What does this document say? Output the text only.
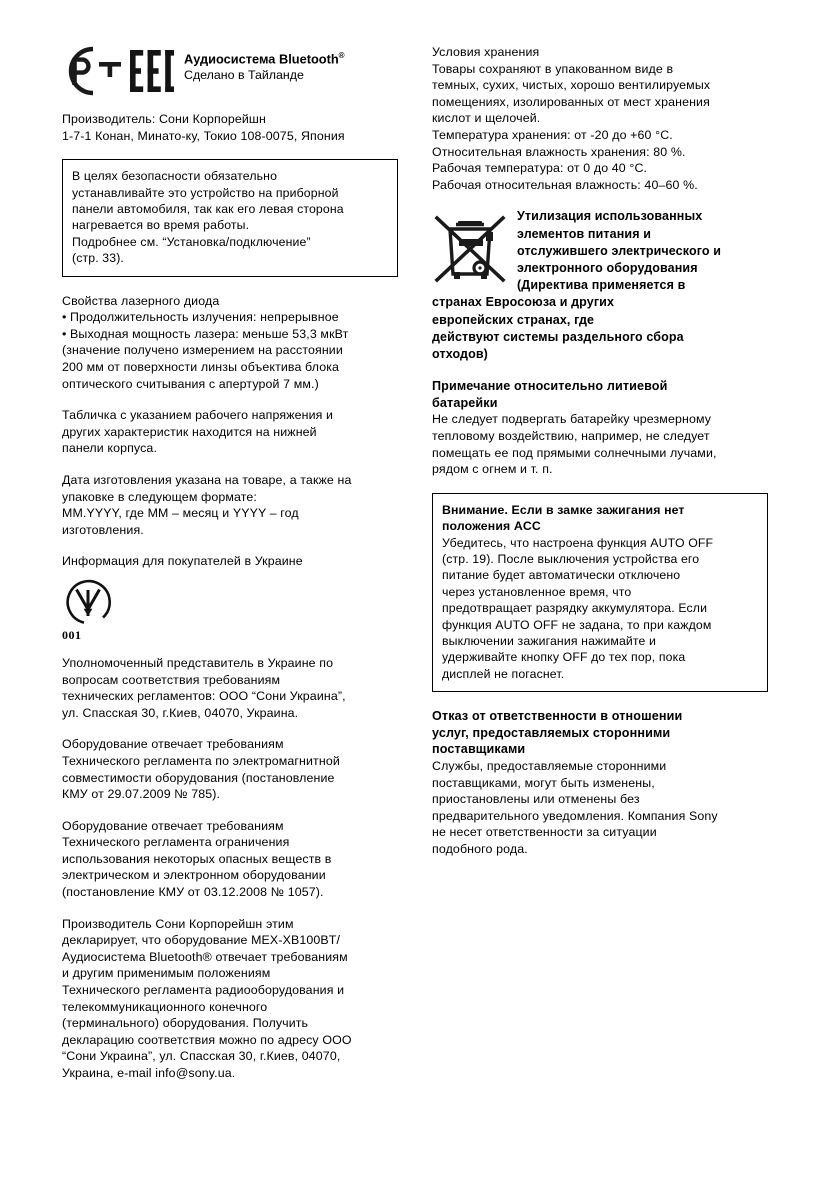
Аудиосистема Bluetooth®
Сделано в Тайланде

Производитель: Сони Корпорейшн

1-7-1 Конан, Минато-ку, Токио 108-0075, Япония

В целях безопасности обязательно

устанавливайте это устройство на приборной

панели автомобиля, так как его левая сторона

нагревается во время работы.

Подробнее см. “Установка/подключение”

(стр. 33).

Свойства лазерного диода

• Продолжительность излучения: непрерывное

• Выходная мощность лазера: меньше 53,3 мкВт

(значение получено измерением на расстоянии

200 мм от поверхности линзы объектива блока

оптического считывания с апертурой 7 мм.)

Табличка с указанием рабочего напряжения и

других характеристик находится на нижней

панели корпуса.

Дата изготовления указана на товаре, а также на

упаковке в следующем формате:

MM.YYYY, где MM – месяц и YYYY – год

изготовления.

Информация для покупателей в Украине

001

Уполномоченный представитель в Украине по

вопросам соответствия требованиям

технических регламентов: ООО “Сони Украина”,

ул. Спасская 30, г.Киев, 04070, Украина.

Оборудование отвечает требованиям

Технического регламента по электромагнитной

совместимости оборудования (постановление

КМУ от 29.07.2009 № 785).

Оборудование отвечает требованиям

Технического регламента ограничения

использования некоторых опасных веществ в

электрическом и электронном оборудовании

(постановление КМУ от 03.12.2008 № 1057).

Производитель Сони Корпорейшн этим

декларирует, что оборудование MEX-XB100BT/

Аудиосистема Bluetooth® отвечает требованиям

и другим применимым положениям

Технического регламента радиооборудования и

телекоммуникационного конечного

(терминального) оборудования. Получить

декларацию соответствия можно по адресу ООО

“Сони Украина”, ул. Спасская 30, г.Киев, 04070,

Украина, e-mail info@sony.ua.

Условия хранения

Товары сохраняют в упакованном виде в

темных, сухих, чистых, хорошо вентилируемых

помещениях, изолированных от мест хранения

кислот и щелочей.

Температура хранения: от -20 до +60 °C.

Относительная влажность хранения: 80 %.

Рабочая температура: от 0 до 40 °C.

Рабочая относительная влажность: 40–60 %.

Утилизация использованных

элементов питания и

отслужившего электрического и

электронного оборудования

(Директива применяется в

странах Евросоюза и других

европейских странах, где

действуют системы раздельного сбора

отходов)

Примечание относительно литиевой

батарейки

Не следует подвергать батарейку чрезмерному

тепловому воздействию, например, не следует

помещать ее под прямыми солнечными лучами,

рядом с огнем и т. п.

Внимание. Если в замке зажигания нет

положения ACC

Убедитесь, что настроена функция AUTO OFF

(стр. 19). После выключения устройства его

питание будет автоматически отключено

через установленное время, что

предотвращает разрядку аккумулятора. Если

функция AUTO OFF не задана, то при каждом

выключении зажигания нажимайте и

удерживайте кнопку OFF до тех пор, пока

дисплей не погаснет.

Отказ от ответственности в отношении

услуг, предоставляемых сторонними

поставщиками

Службы, предоставляемые сторонними

поставщиками, могут быть изменены,

приостановлены или отменены без

предварительного уведомления. Компания Sony

не несет ответственности за ситуации

подобного рода.
